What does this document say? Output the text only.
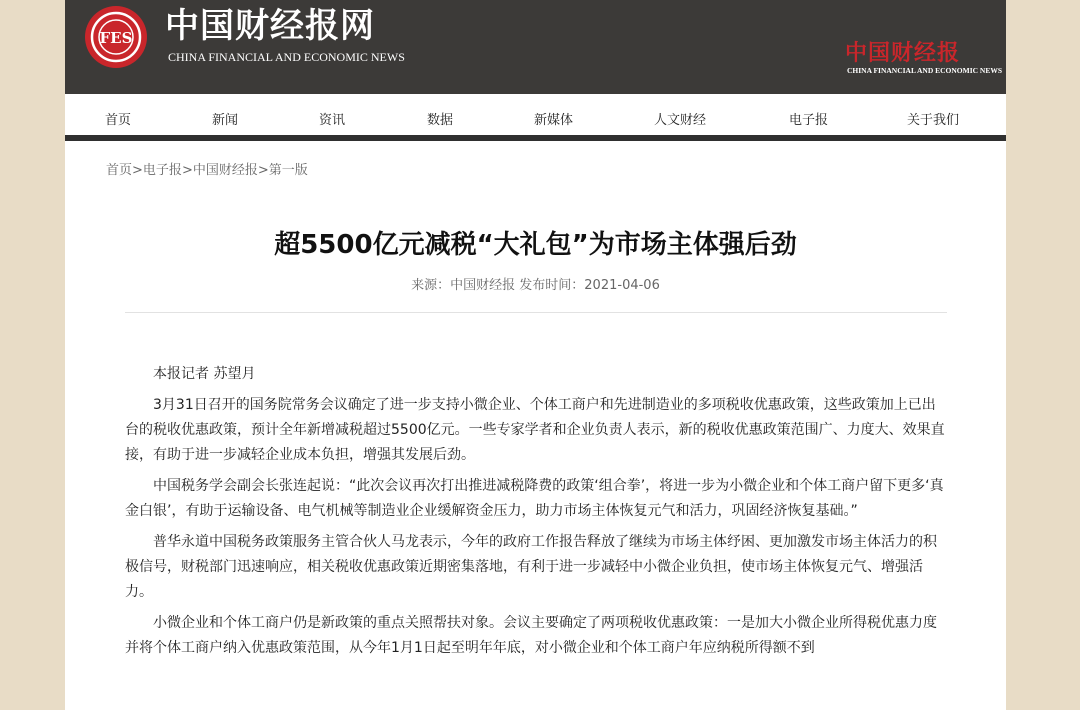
FES 中国财经报网
CHINA FINANCIAL AND ECONOMIC NEWS	中国财经报
CHINA FINANCIAL AND ECONOMIC NEWS
首页	新闻	资讯	数据	新媒体	人文财经	电子报	关于我们
首页>电子报>中国财经报>第一版
超5500亿元减税“大礼包”为市场主体强后劲
来源：中国财经报 发布时间：2021-04-06

本报记者 苏望月

3月31日召开的国务院常务会议确定了进一步支持小微企业、个体工商户和先进制造业的多项税收优惠政策，这些政策加上已出台的税收优惠政策，预计全年新增减税超过5500亿元。一些专家学者和企业负责人表示，新的税收优惠政策范围广、力度大、效果直接，有助于进一步减轻企业成本负担，增强其发展后劲。

中国税务学会副会长张连起说：“此次会议再次打出推进减税降费的政策‘组合拳’，将进一步为小微企业和个体工商户留下更多‘真金白银’，有助于运输设备、电气机械等制造业企业缓解资金压力，助力市场主体恢复元气和活力，巩固经济恢复基础。”

普华永道中国税务政策服务主管合伙人马龙表示，今年的政府工作报告释放了继续为市场主体纾困、更加激发市场主体活力的积极信号，财税部门迅速响应，相关税收优惠政策近期密集落地，有利于进一步减轻中小微企业负担，使市场主体恢复元气、增强活力。

小微企业和个体工商户仍是新政策的重点关照帮扶对象。会议主要确定了两项税收优惠政策：一是加大小微企业所得税优惠力度并将个体工商户纳入优惠政策范围，从今年1月1日起至明年年底，对小微企业和个体工商户年应纳税所得额不到
